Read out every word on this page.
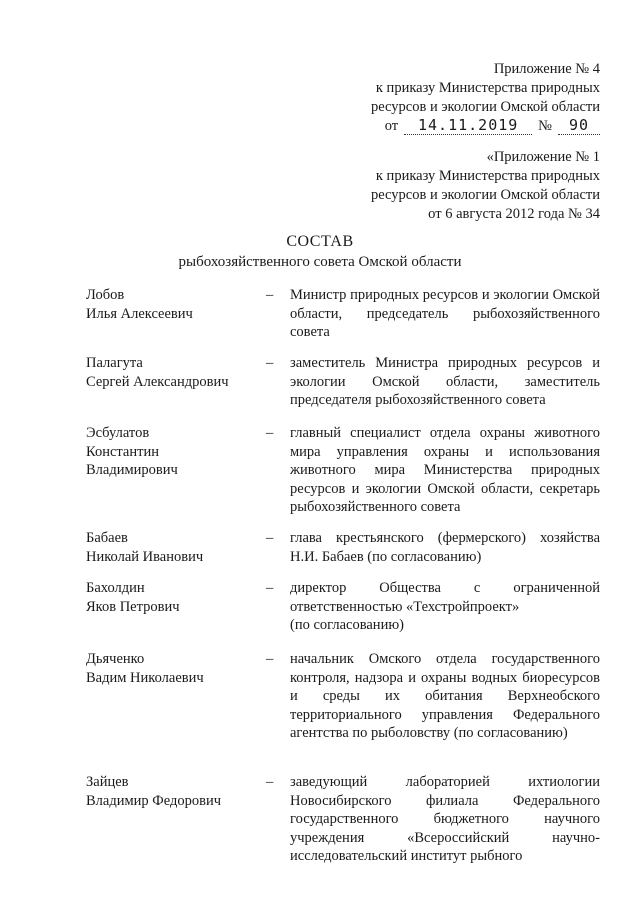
Приложение № 4
к приказу Министерства природных
ресурсов и экологии Омской области
от	14.11.2019	№	90
«Приложение № 1
к приказу Министерства природных
ресурсов и экологии Омской области
от 6 августа 2012 года № 34
СОСТАВ
рыбохозяйственного совета Омской области
Лобов
Илья Алексеевич
–	Министр природных ресурсов и экологии Омской области, председатель рыбохозяйственного совета
Палагута
Сергей Александрович
–	заместитель Министра природных ресурсов и экологии Омской области, заместитель председателя рыбохозяйственного совета
Эсбулатов
Константин Владимирович
–	главный специалист отдела охраны животного мира управления охраны и использования животного мира Министерства природных ресурсов и экологии Омской области, секретарь рыбохозяйственного совета
Бабаев
Николай Иванович
–	глава крестьянского (фермерского) хозяйства Н.И. Бабаев (по согласованию)
Бахолдин
Яков Петрович
–	директор Общества с ограниченной ответственностью «Техстройпроект»
(по согласованию)
Дьяченко
Вадим Николаевич
–	начальник Омского отдела государственного контроля, надзора и охраны водных биоресурсов и среды их обитания Верхнеобского территориального управления Федерального агентства по рыболовству (по согласованию)
Зайцев
Владимир Федорович
–	заведующий лабораторией ихтиологии Новосибирского филиала Федерального государственного бюджетного научного учреждения «Всероссийский научно-исследовательский институт рыбного
